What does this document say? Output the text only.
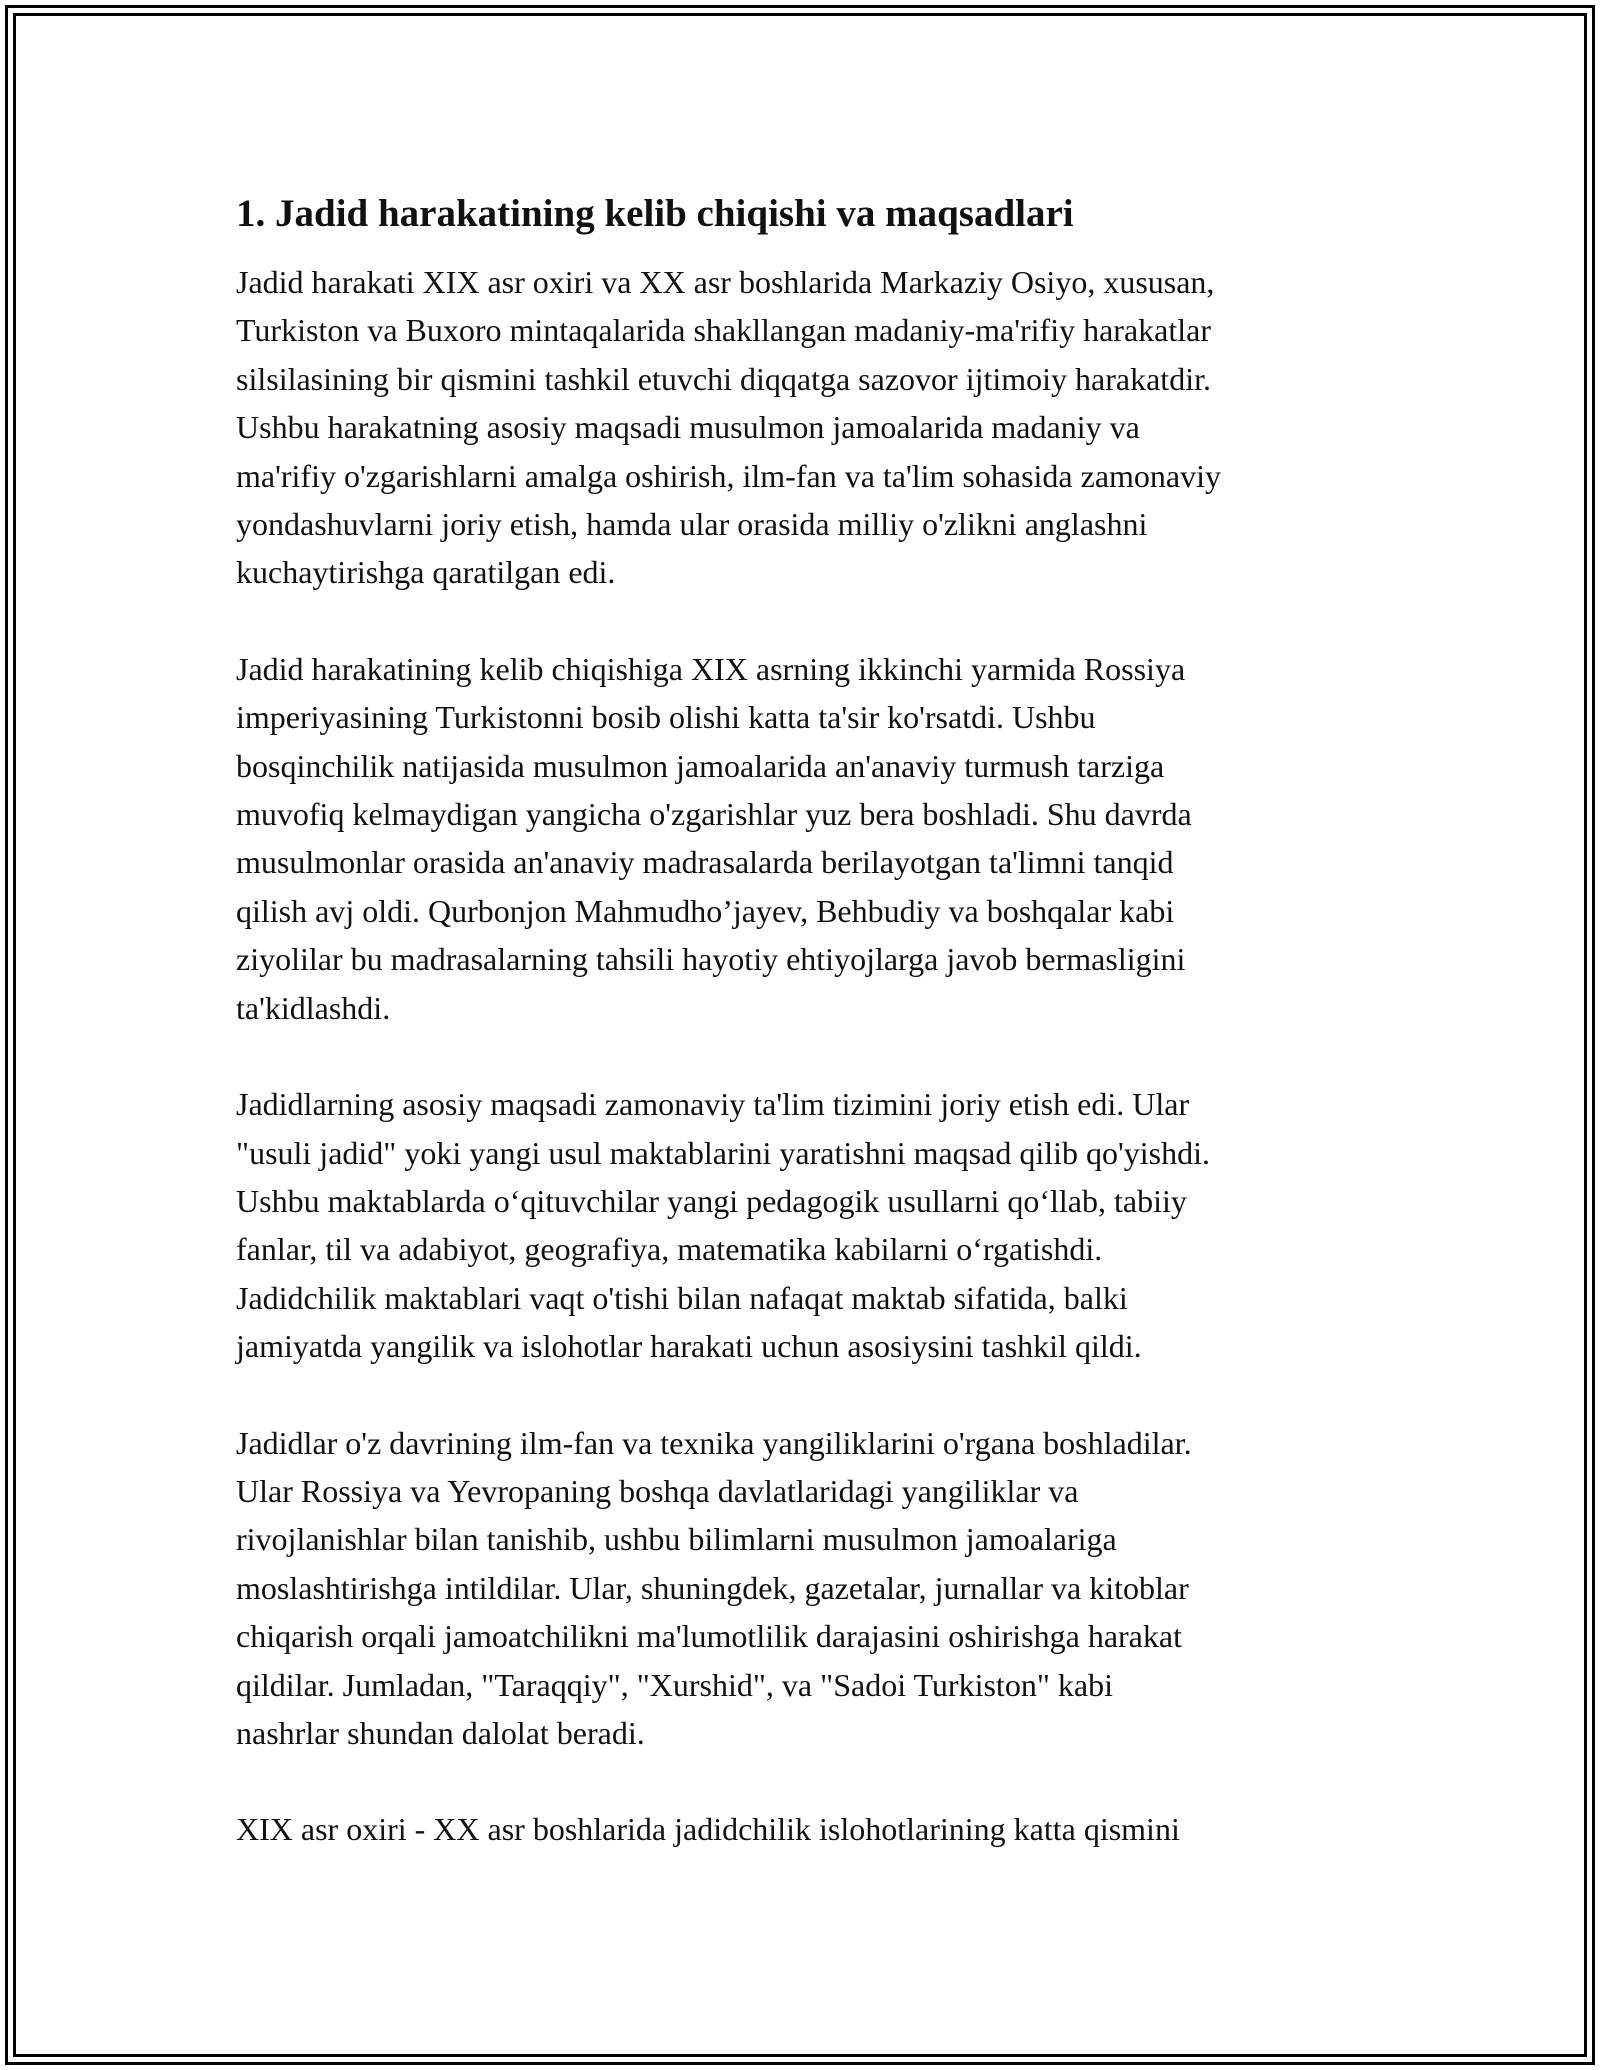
1. Jadid harakatining kelib chiqishi va maqsadlari

Jadid harakati XIX asr oxiri va XX asr boshlarida Markaziy Osiyo, xususan,
Turkiston va Buxoro mintaqalarida shakllangan madaniy-ma'rifiy harakatlar
silsilasining bir qismini tashkil etuvchi diqqatga sazovor ijtimoiy harakatdir.
Ushbu harakatning asosiy maqsadi musulmon jamoalarida madaniy va
ma'rifiy o'zgarishlarni amalga oshirish, ilm-fan va ta'lim sohasida zamonaviy
yondashuvlarni joriy etish, hamda ular orasida milliy o'zlikni anglashni
kuchaytirishga qaratilgan edi.

Jadid harakatining kelib chiqishiga XIX asrning ikkinchi yarmida Rossiya
imperiyasining Turkistonni bosib olishi katta ta'sir ko'rsatdi. Ushbu
bosqinchilik natijasida musulmon jamoalarida an'anaviy turmush tarziga
muvofiq kelmaydigan yangicha o'zgarishlar yuz bera boshladi. Shu davrda
musulmonlar orasida an'anaviy madrasalarda berilayotgan ta'limni tanqid
qilish avj oldi. Qurbonjon Mahmudho’jayev, Behbudiy va boshqalar kabi
ziyolilar bu madrasalarning tahsili hayotiy ehtiyojlarga javob bermasligini
ta'kidlashdi.

Jadidlarning asosiy maqsadi zamonaviy ta'lim tizimini joriy etish edi. Ular
"usuli jadid" yoki yangi usul maktablarini yaratishni maqsad qilib qo'yishdi.
Ushbu maktablarda o‘qituvchilar yangi pedagogik usullarni qo‘llab, tabiiy
fanlar, til va adabiyot, geografiya, matematika kabilarni o‘rgatishdi.
Jadidchilik maktablari vaqt o'tishi bilan nafaqat maktab sifatida, balki
jamiyatda yangilik va islohotlar harakati uchun asosiysini tashkil qildi.

Jadidlar o'z davrining ilm-fan va texnika yangiliklarini o'rgana boshladilar.
Ular Rossiya va Yevropaning boshqa davlatlaridagi yangiliklar va
rivojlanishlar bilan tanishib, ushbu bilimlarni musulmon jamoalariga
moslashtirishga intildilar. Ular, shuningdek, gazetalar, jurnallar va kitoblar
chiqarish orqali jamoatchilikni ma'lumotlilik darajasini oshirishga harakat
qildilar. Jumladan, "Taraqqiy", "Xurshid", va "Sadoi Turkiston" kabi
nashrlar shundan dalolat beradi.

XIX asr oxiri - XX asr boshlarida jadidchilik islohotlarining katta qismini
